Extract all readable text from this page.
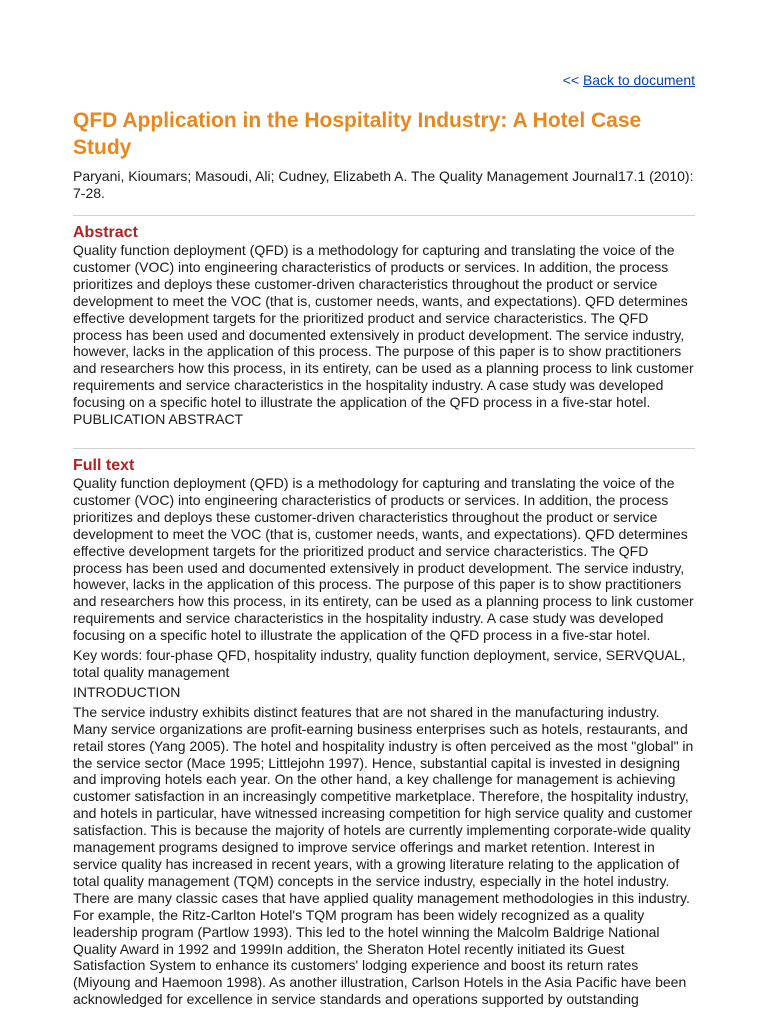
<< Back to document
QFD Application in the Hospitality Industry: A Hotel Case Study
Paryani, Kioumars; Masoudi, Ali; Cudney, Elizabeth A. The Quality Management Journal17.1 (2010): 7-28.
Abstract

Quality function deployment (QFD) is a methodology for capturing and translating the voice of the customer (VOC) into engineering characteristics of products or services. In addition, the process prioritizes and deploys these customer-driven characteristics throughout the product or service development to meet the VOC (that is, customer needs, wants, and expectations). QFD determines effective development targets for the prioritized product and service characteristics. The QFD process has been used and documented extensively in product development. The service industry, however, lacks in the application of this process. The purpose of this paper is to show practitioners and researchers how this process, in its entirety, can be used as a planning process to link customer requirements and service characteristics in the hospitality industry. A case study was developed focusing on a specific hotel to illustrate the application of the QFD process in a five-star hotel.

PUBLICATION ABSTRACT
Full text

Quality function deployment (QFD) is a methodology for capturing and translating the voice of the customer (VOC) into engineering characteristics of products or services. In addition, the process prioritizes and deploys these customer-driven characteristics throughout the product or service development to meet the VOC (that is, customer needs, wants, and expectations). QFD determines effective development targets for the prioritized product and service characteristics. The QFD process has been used and documented extensively in product development. The service industry, however, lacks in the application of this process. The purpose of this paper is to show practitioners and researchers how this process, in its entirety, can be used as a planning process to link customer requirements and service characteristics in the hospitality industry. A case study was developed focusing on a specific hotel to illustrate the application of the QFD process in a five-star hotel.

Key words: four-phase QFD, hospitality industry, quality function deployment, service, SERVQUAL, total quality management

INTRODUCTION

The service industry exhibits distinct features that are not shared in the manufacturing industry. Many service organizations are profit-earning business enterprises such as hotels, restaurants, and retail stores (Yang 2005). The hotel and hospitality industry is often perceived as the most "global" in the service sector (Mace 1995; Littlejohn 1997). Hence, substantial capital is invested in designing and improving hotels each year. On the other hand, a key challenge for management is achieving customer satisfaction in an increasingly competitive marketplace. Therefore, the hospitality industry, and hotels in particular, have witnessed increasing competition for high service quality and customer satisfaction. This is because the majority of hotels are currently implementing corporate-wide quality management programs designed to improve service offerings and market retention. Interest in service quality has increased in recent years, with a growing literature relating to the application of total quality management (TQM) concepts in the service industry, especially in the hotel industry. There are many classic cases that have applied quality management methodologies in this industry. For example, the Ritz-Carlton Hotel's TQM program has been widely recognized as a quality leadership program (Partlow 1993). This led to the hotel winning the Malcolm Baldrige National Quality Award in 1992 and 1999In addition, the Sheraton Hotel recently initiated its Guest Satisfaction System to enhance its customers' lodging experience and boost its return rates (Miyoung and Haemoon 1998). As another illustration, Carlson Hotels in the Asia Pacific have been acknowledged for excellence in service standards and operations supported by outstanding
